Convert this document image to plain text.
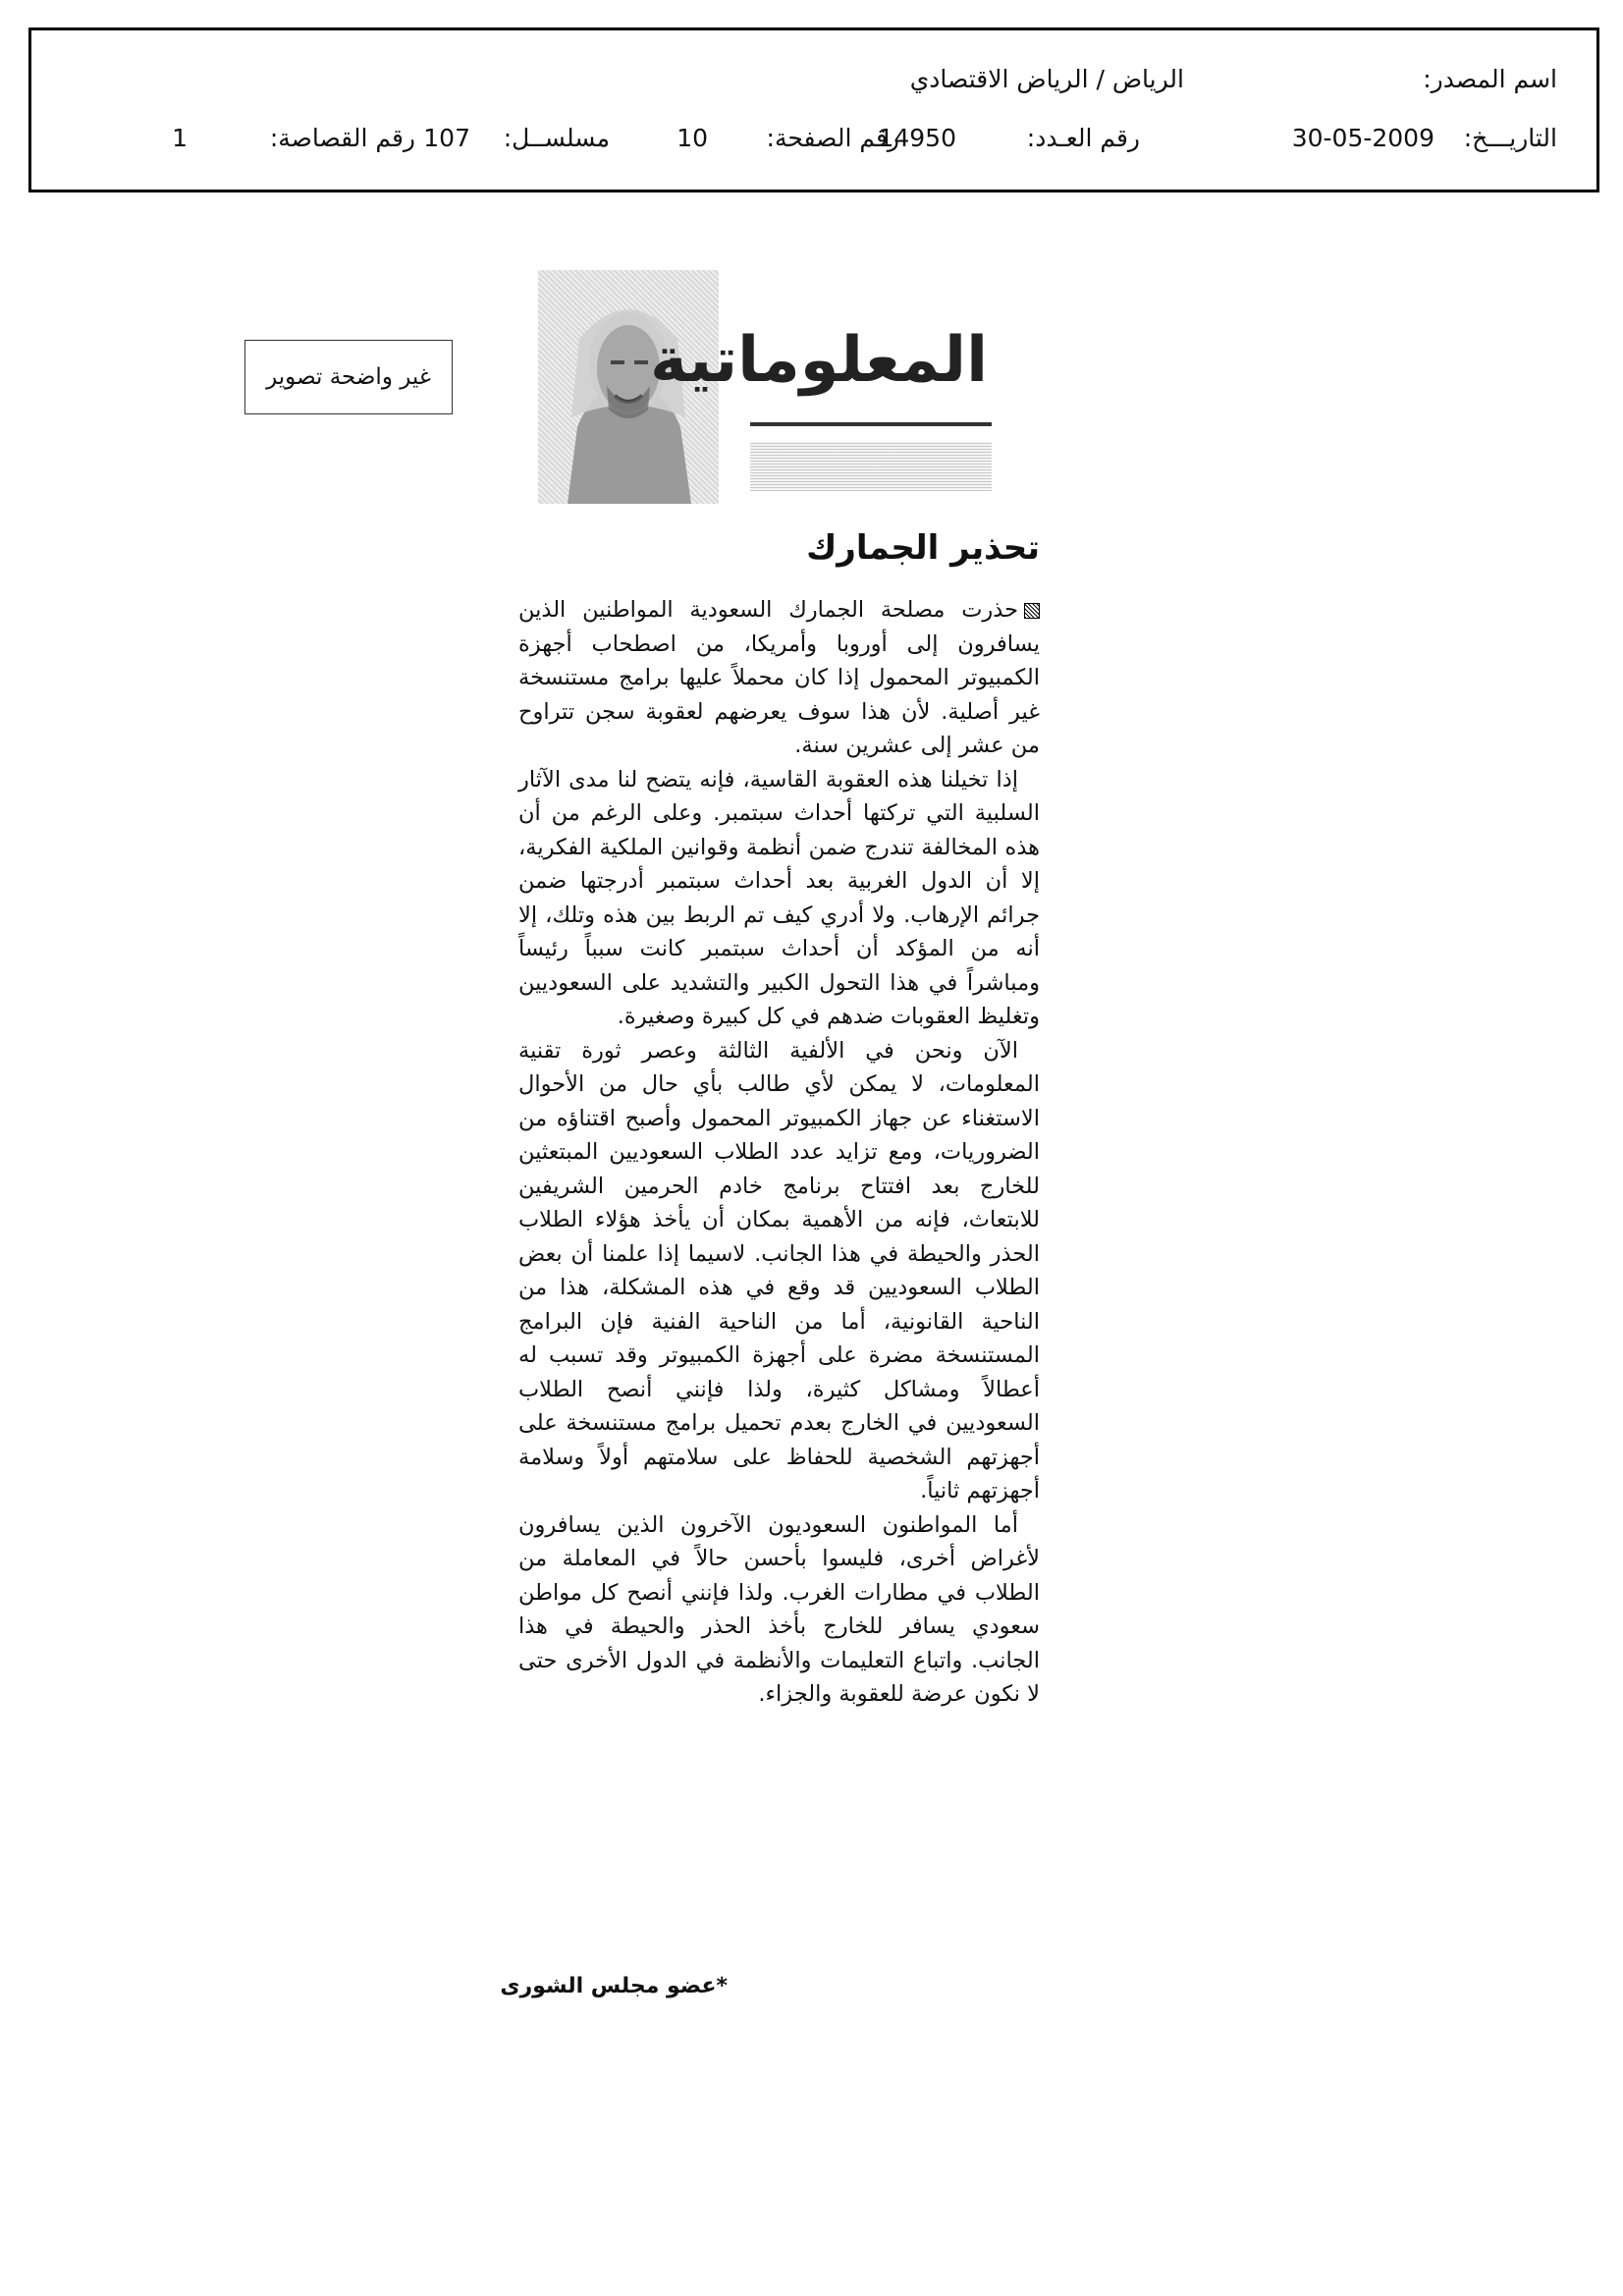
اسم المصدر:
الرياض / الرياض الاقتصادي
التاريـــخ:
30-05-2009
رقم العـدد:
14950
رقم الصفحة:
10
مسلســل:
107
رقم القصاصة:
1
غير واضحة تصوير	المعلوماتية
تحذير الجمارك

حذرت مصلحة الجمارك السعودية المواطنين الذين يسافرون إلى أوروبا وأمريكا، من اصطحاب أجهزة الكمبيوتر المحمول إذا كان محملاً عليها برامج مستنسخة غير أصلية. لأن هذا سوف يعرضهم لعقوبة سجن تتراوح من عشر إلى عشرين سنة.

إذا تخيلنا هذه العقوبة القاسية، فإنه يتضح لنا مدى الآثار السلبية التي تركتها أحداث سبتمبر. وعلى الرغم من أن هذه المخالفة تندرج ضمن أنظمة وقوانين الملكية الفكرية، إلا أن الدول الغربية بعد أحداث سبتمبر أدرجتها ضمن جرائم الإرهاب. ولا أدري كيف تم الربط بين هذه وتلك، إلا أنه من المؤكد أن أحداث سبتمبر كانت سبباً رئيساً ومباشراً في هذا التحول الكبير والتشديد على السعوديين وتغليظ العقوبات ضدهم في كل كبيرة وصغيرة.

الآن ونحن في الألفية الثالثة وعصر ثورة تقنية المعلومات، لا يمكن لأي طالب بأي حال من الأحوال الاستغناء عن جهاز الكمبيوتر المحمول وأصبح اقتناؤه من الضروريات، ومع تزايد عدد الطلاب السعوديين المبتعثين للخارج بعد افتتاح برنامج خادم الحرمين الشريفين للابتعاث، فإنه من الأهمية بمكان أن يأخذ هؤلاء الطلاب الحذر والحيطة في هذا الجانب. لاسيما إذا علمنا أن بعض الطلاب السعوديين قد وقع في هذه المشكلة، هذا من الناحية القانونية، أما من الناحية الفنية فإن البرامج المستنسخة مضرة على أجهزة الكمبيوتر وقد تسبب له أعطالاً ومشاكل كثيرة، ولذا فإنني أنصح الطلاب السعوديين في الخارج بعدم تحميل برامج مستنسخة على أجهزتهم الشخصية للحفاظ على سلامتهم أولاً وسلامة أجهزتهم ثانياً.

أما المواطنون السعوديون الآخرون الذين يسافرون لأغراض أخرى، فليسوا بأحسن حالاً في المعاملة من الطلاب في مطارات الغرب. ولذا فإنني أنصح كل مواطن سعودي يسافر للخارج بأخذ الحذر والحيطة في هذا الجانب. واتباع التعليمات والأنظمة في الدول الأخرى حتى لا نكون عرضة للعقوبة والجزاء.

*عضو مجلس الشورى
